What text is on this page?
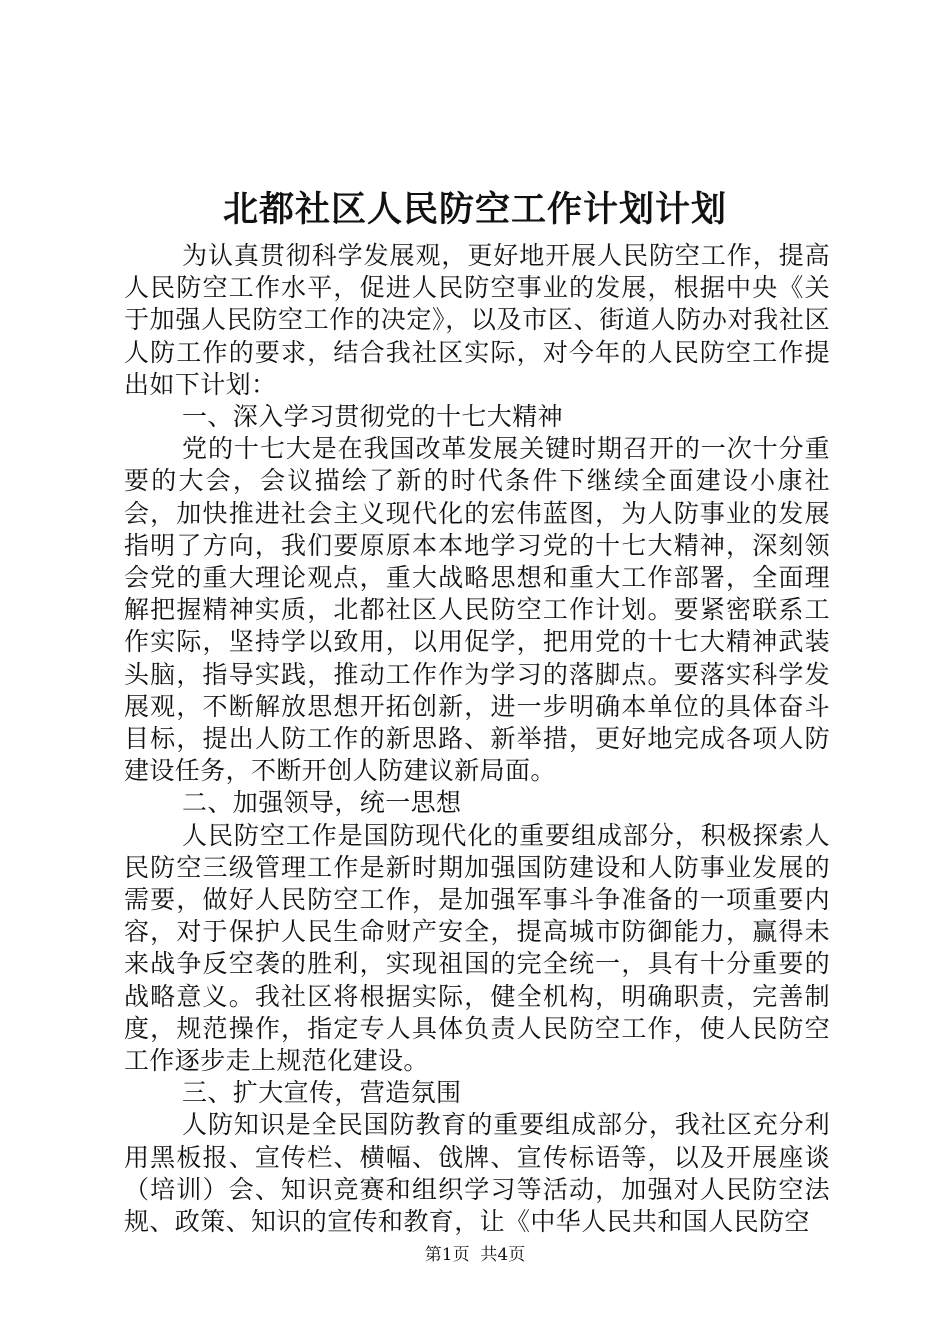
北都社区人民防空工作计划计划

为认真贯彻科学发展观，更好地开展人民防空工作，提高人民防空工作水平，促进人民防空事业的发展，根据中央《关于加强人民防空工作的决定》，以及市区、街道人防办对我社区人防工作的要求，结合我社区实际，对今年的人民防空工作提出如下计划：

一、深入学习贯彻党的十七大精神

党的十七大是在我国改革发展关键时期召开的一次十分重要的大会，会议描绘了新的时代条件下继续全面建设小康社会，加快推进社会主义现代化的宏伟蓝图，为人防事业的发展指明了方向，我们要原原本本地学习党的十七大精神，深刻领会党的重大理论观点，重大战略思想和重大工作部署，全面理解把握精神实质，北都社区人民防空工作计划。要紧密联系工作实际，坚持学以致用，以用促学，把用党的十七大精神武装头脑，指导实践，推动工作作为学习的落脚点。要落实科学发展观，不断解放思想开拓创新，进一步明确本单位的具体奋斗目标，提出人防工作的新思路、新举措，更好地完成各项人防建设任务，不断开创人防建议新局面。

二、加强领导，统一思想

人民防空工作是国防现代化的重要组成部分，积极探索人民防空三级管理工作是新时期加强国防建设和人防事业发展的需要，做好人民防空工作，是加强军事斗争准备的一项重要内容，对于保护人民生命财产安全，提高城市防御能力，赢得未来战争反空袭的胜利，实现祖国的完全统一，具有十分重要的战略意义。我社区将根据实际，健全机构，明确职责，完善制度，规范操作，指定专人具体负责人民防空工作，使人民防空工作逐步走上规范化建设。

三、扩大宣传，营造氛围

人防知识是全民国防教育的重要组成部分，我社区充分利用黑板报、宣传栏、横幅、戗牌、宣传标语等，以及开展座谈（培训）会、知识竞赛和组织学习等活动，加强对人民防空法规、政策、知识的宣传和教育，让《中华人民共和国人民防空

第1页 共4页
